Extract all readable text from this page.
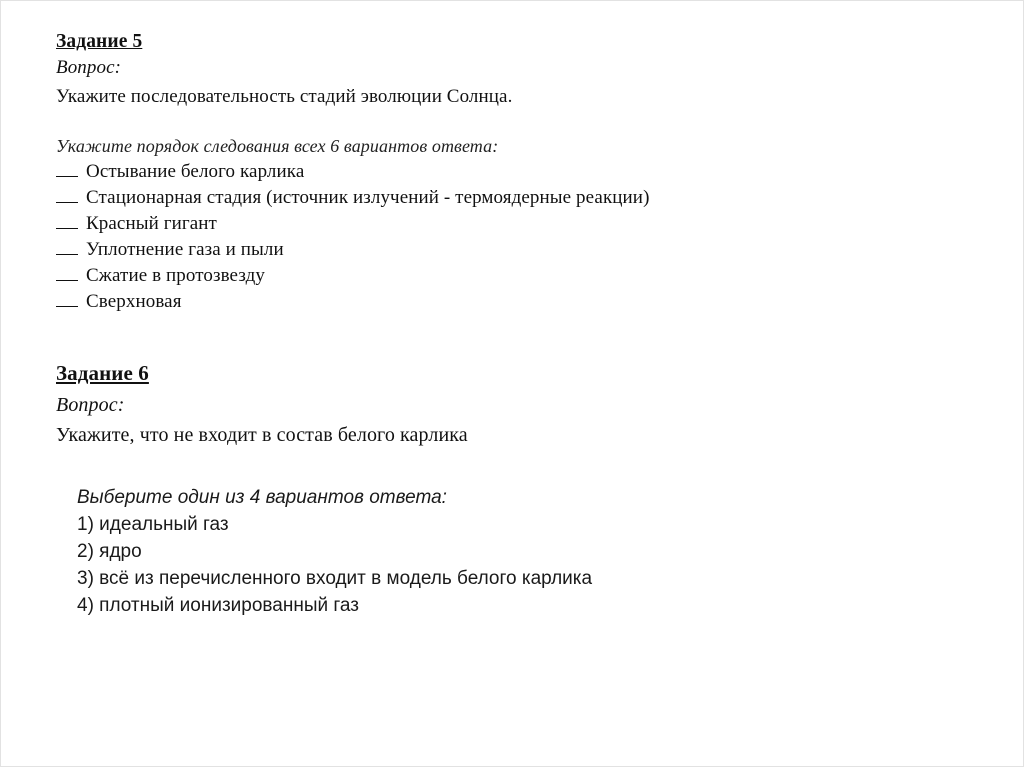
Задание 5
Вопрос:
Укажите последовательность стадий эволюции Солнца.
Укажите порядок следования всех 6 вариантов ответа:
Остывание белого карлика
Стационарная стадия (источник излучений - термоядерные реакции)
Красный гигант
Уплотнение газа и пыли
Сжатие в протозвезду
Сверхновая
Задание 6
Вопрос:
Укажите, что не входит в состав белого карлика
Выберите один из 4 вариантов ответа:
1) идеальный газ
2) ядро
3) всё из перечисленного входит в модель белого карлика
4) плотный ионизированный газ
